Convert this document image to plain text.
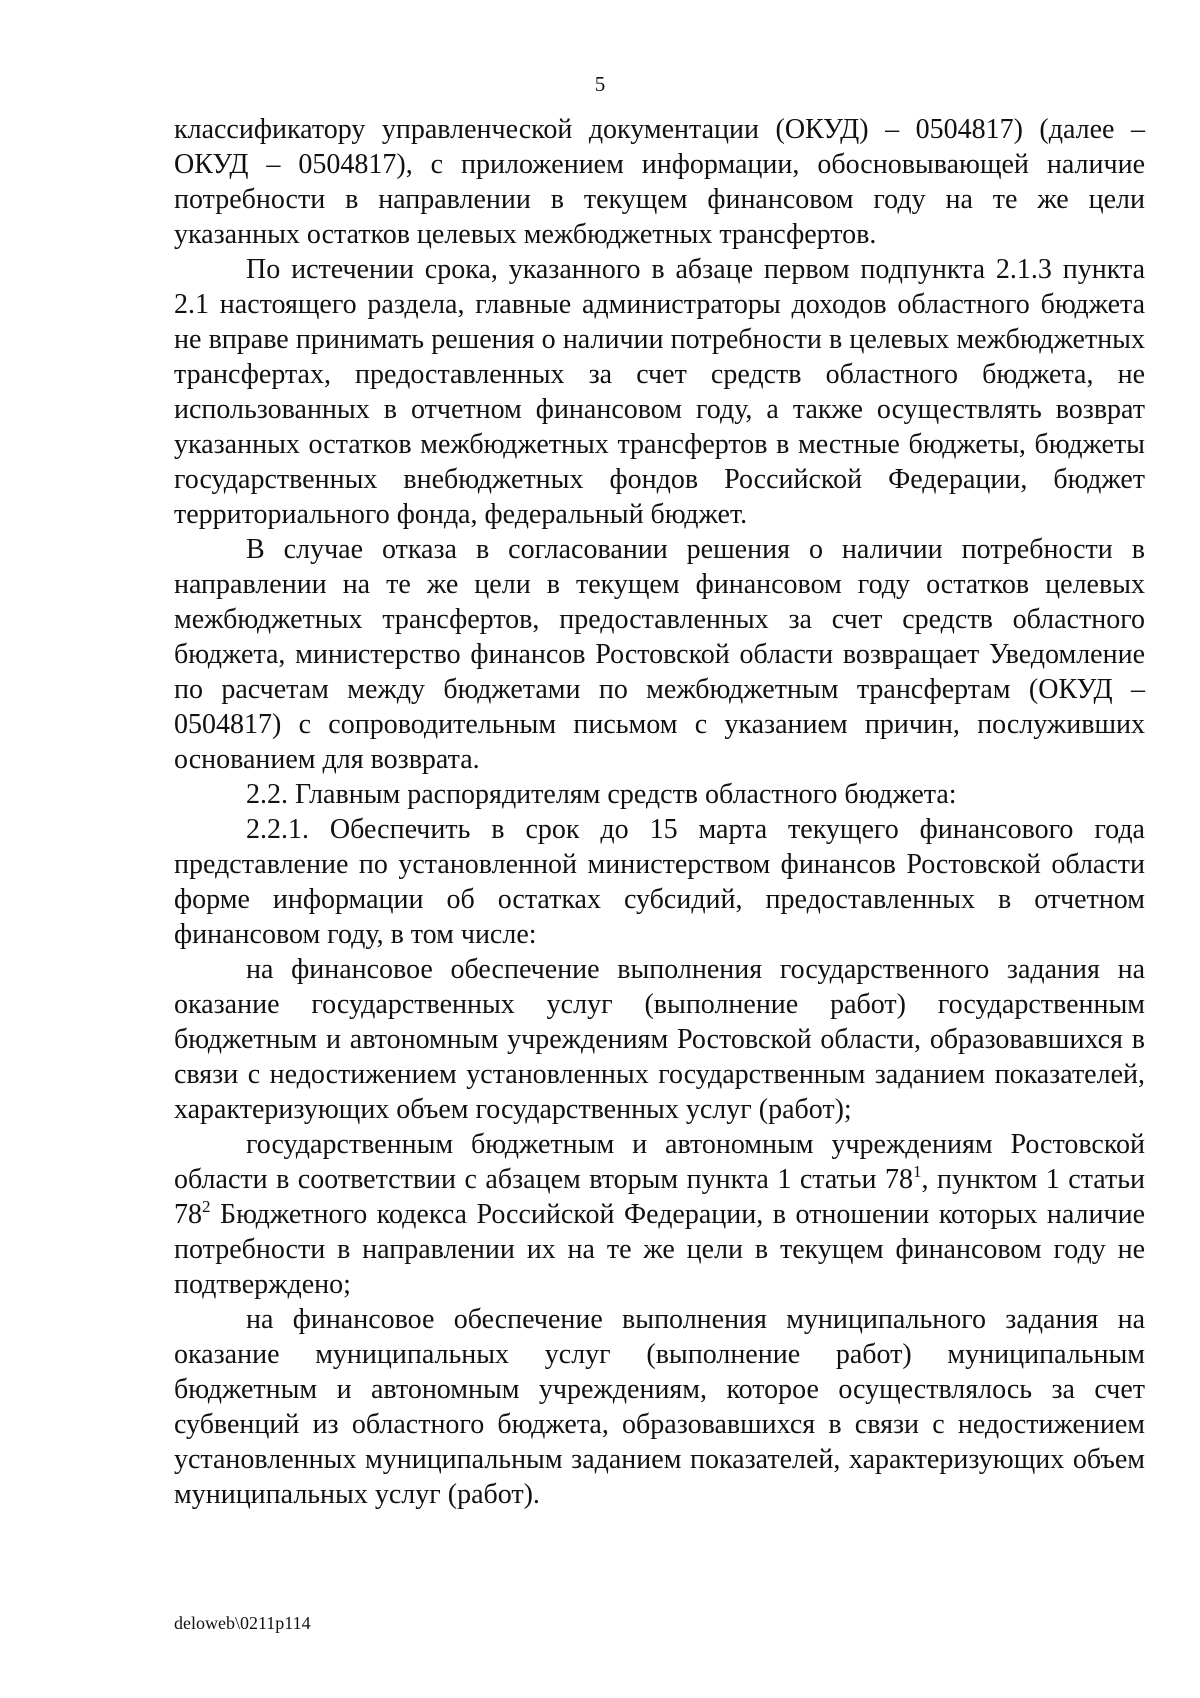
5

классификатору управленческой документации (ОКУД) – 0504817) (далее – ОКУД – 0504817), с приложением информации, обосновывающей наличие потребности в направлении в текущем финансовом году на те же цели указанных остатков целевых межбюджетных трансфертов.

По истечении срока, указанного в абзаце первом подпункта 2.1.3 пункта 2.1 настоящего раздела, главные администраторы доходов областного бюджета не вправе принимать решения о наличии потребности в целевых межбюджетных трансфертах, предоставленных за счет средств областного бюджета, не использованных в отчетном финансовом году, а также осуществлять возврат указанных остатков межбюджетных трансфертов в местные бюджеты, бюджеты государственных внебюджетных фондов Российской Федерации, бюджет территориального фонда, федеральный бюджет.

В случае отказа в согласовании решения о наличии потребности в направлении на те же цели в текущем финансовом году остатков целевых межбюджетных трансфертов, предоставленных за счет средств областного бюджета, министерство финансов Ростовской области возвращает Уведомление по расчетам между бюджетами по межбюджетным трансфертам (ОКУД – 0504817) с сопроводительным письмом с указанием причин, послуживших основанием для возврата.

2.2. Главным распорядителям средств областного бюджета:

2.2.1. Обеспечить в срок до 15 марта текущего финансового года представление по установленной министерством финансов Ростовской области форме информации об остатках субсидий, предоставленных в отчетном финансовом году, в том числе:

на финансовое обеспечение выполнения государственного задания на оказание государственных услуг (выполнение работ) государственным бюджетным и автономным учреждениям Ростовской области, образовавшихся в связи с недостижением установленных государственным заданием показателей, характеризующих объем государственных услуг (работ);

государственным бюджетным и автономным учреждениям Ростовской области в соответствии с абзацем вторым пункта 1 статьи $78^1$, пунктом 1 статьи $78^2$ Бюджетного кодекса Российской Федерации, в отношении которых наличие потребности в направлении их на те же цели в текущем финансовом году не подтверждено;

на финансовое обеспечение выполнения муниципального задания на оказание муниципальных услуг (выполнение работ) муниципальным бюджетным и автономным учреждениям, которое осуществлялось за счет субвенций из областного бюджета, образовавшихся в связи с недостижением установленных муниципальным заданием показателей, характеризующих объем муниципальных услуг (работ).

deloweb\0211p114
